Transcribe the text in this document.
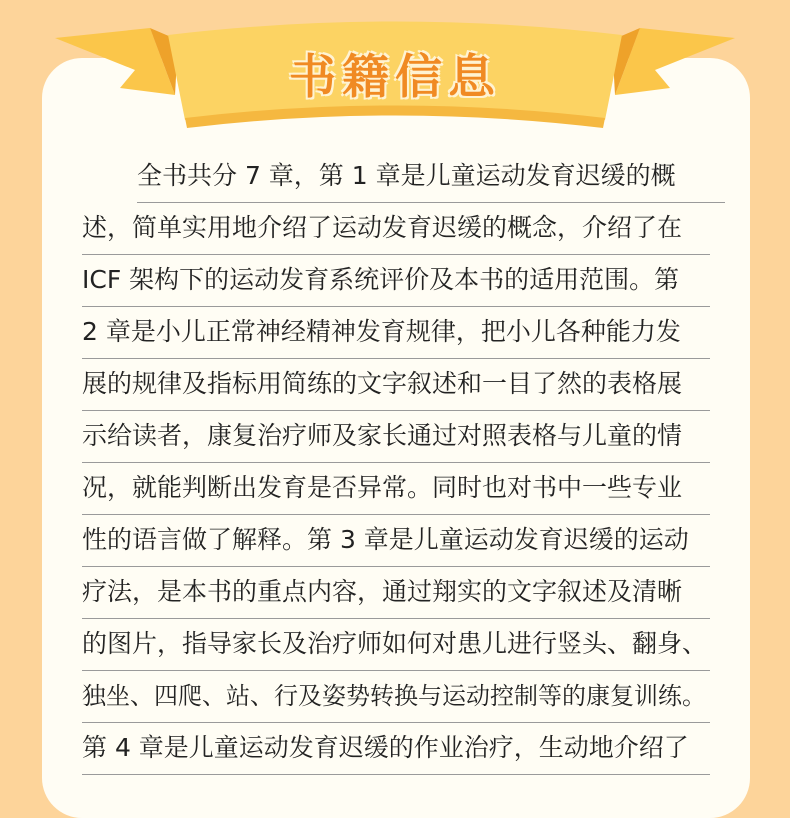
书籍信息
全书共分 7 章，第 1 章是儿童运动发育迟缓的概
述，简单实用地介绍了运动发育迟缓的概念，介绍了在
ICF 架构下的运动发育系统评价及本书的适用范围。第
2 章是小儿正常神经精神发育规律，把小儿各种能力发
展的规律及指标用简练的文字叙述和一目了然的表格展
示给读者，康复治疗师及家长通过对照表格与儿童的情
况，就能判断出发育是否异常。同时也对书中一些专业
性的语言做了解释。第 3 章是儿童运动发育迟缓的运动
疗法，是本书的重点内容，通过翔实的文字叙述及清晰
的图片，指导家长及治疗师如何对患儿进行竖头、翻身、
独坐、四爬、站、行及姿势转换与运动控制等的康复训练。
第 4 章是儿童运动发育迟缓的作业治疗，生动地介绍了
